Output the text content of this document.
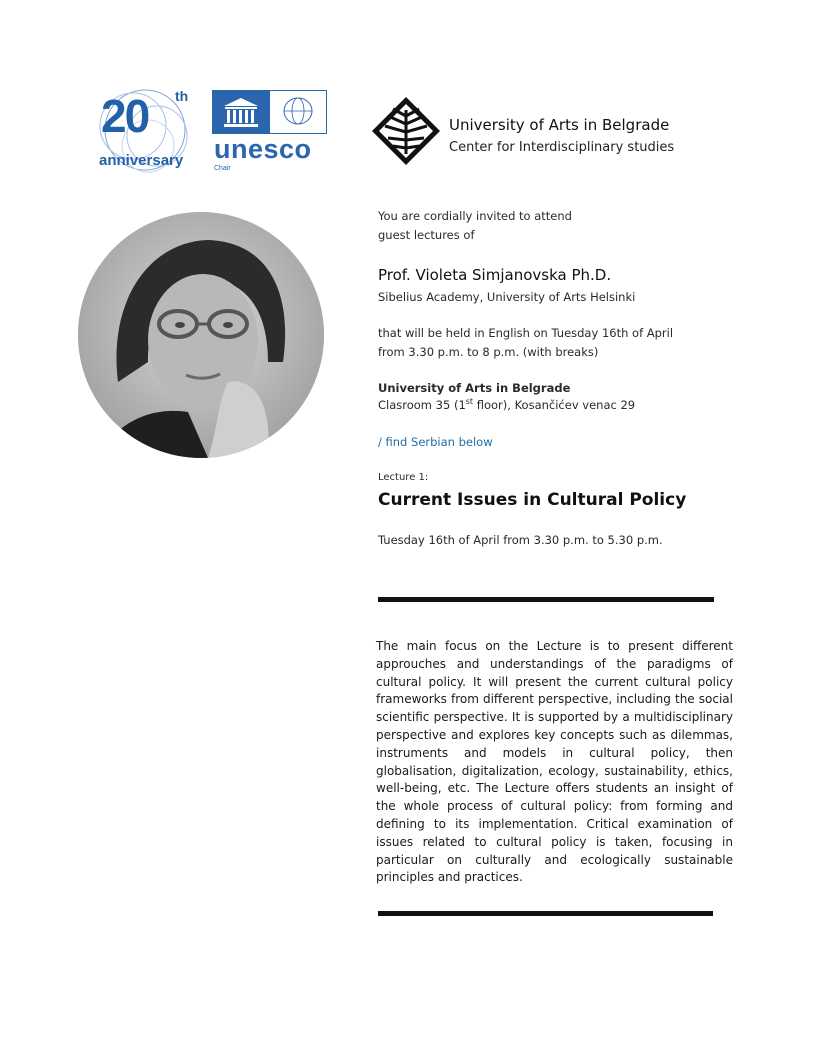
20 th
anniversary unesco
Chair
University of Arts in Belgrade
Center for Interdisciplinary studies
You are cordially invited to attend
guest lectures of
Prof. Violeta Simjanovska Ph.D.
Sibelius Academy, University of Arts Helsinki
that will be held in English on Tuesday 16th of April
from 3.30 p.m. to 8 p.m. (with breaks)
University of Arts in Belgrade
Clasroom 35 (1st floor), Kosančićev venac 29
/ find Serbian below
Lecture 1:
Current Issues in Cultural Policy
Tuesday 16th of April from 3.30 p.m. to 5.30 p.m.
The main focus on the Lecture is to present different approuches and understandings of the paradigms of cultural policy. It will present the current cultural policy frameworks from different perspective, including the social scientific perspective. It is supported by a multidisciplinary perspective and explores key concepts such as dilemmas, instruments and models in cultural policy, then globalisation, digitalization, ecology, sustainability, ethics, well-being, etc. The Lecture offers students an insight of the whole process of cultural policy: from forming and defining to its implementation. Critical examination of issues related to cultural policy is taken, focusing in particular on culturally and ecologically sustainable principles and practices.
